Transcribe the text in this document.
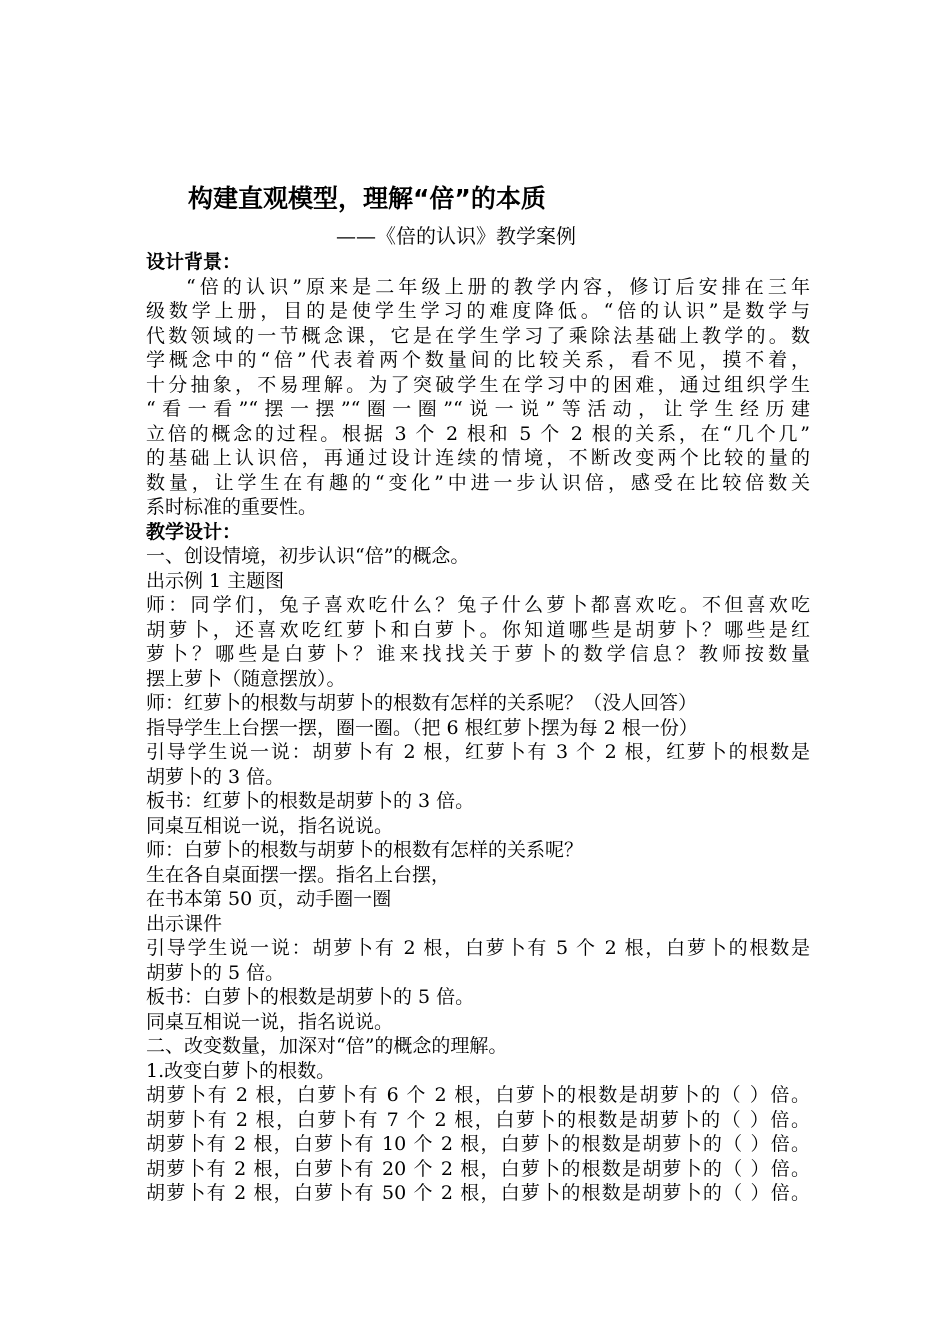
构建直观模型，理解“倍”的本质
——《倍的认识》教学案例
设计背景：
“倍的认识”原来是二年级上册的教学内容，修订后安排在三年
级数学上册，目的是使学生学习的难度降低。“倍的认识”是数学与
代数领域的一节概念课，它是在学生学习了乘除法基础上教学的。数
学概念中的“倍”代表着两个数量间的比较关系，看不见，摸不着，
十分抽象，不易理解。为了突破学生在学习中的困难，通过组织学生
“看一看”“摆一摆”“圈一圈”“说一说”等活动，让学生经历建
立倍的概念的过程。根据 3 个 2 根和 5 个 2 根的关系，在“几个几”
的基础上认识倍，再通过设计连续的情境，不断改变两个比较的量的
数量，让学生在有趣的“变化”中进一步认识倍，感受在比较倍数关
系时标准的重要性。
教学设计：
一、创设情境，初步认识“倍”的概念。
出示例 1 主题图
师：同学们，兔子喜欢吃什么？兔子什么萝卜都喜欢吃。不但喜欢吃
胡萝卜，还喜欢吃红萝卜和白萝卜。你知道哪些是胡萝卜？哪些是红
萝卜？哪些是白萝卜？谁来找找关于萝卜的数学信息？教师按数量
摆上萝卜（随意摆放）。
师：红萝卜的根数与胡萝卜的根数有怎样的关系呢？（没人回答）
指导学生上台摆一摆，圈一圈。（把 6 根红萝卜摆为每 2 根一份）
引导学生说一说：胡萝卜有 2 根，红萝卜有 3 个 2 根，红萝卜的根数是
胡萝卜的 3 倍。
板书：红萝卜的根数是胡萝卜的 3 倍。
同桌互相说一说，指名说说。
师：白萝卜的根数与胡萝卜的根数有怎样的关系呢？
生在各自桌面摆一摆。指名上台摆，
在书本第 50 页，动手圈一圈
出示课件
引导学生说一说：胡萝卜有 2 根，白萝卜有 5 个 2 根，白萝卜的根数是
胡萝卜的 5 倍。
板书：白萝卜的根数是胡萝卜的 5 倍。
同桌互相说一说，指名说说。
二、改变数量，加深对“倍”的概念的理解。
1.改变白萝卜的根数。
胡萝卜有 2 根，白萝卜有 6 个 2 根，白萝卜的根数是胡萝卜的（ ）倍。
胡萝卜有 2 根，白萝卜有 7 个 2 根，白萝卜的根数是胡萝卜的（ ）倍。
胡萝卜有 2 根，白萝卜有 10 个 2 根，白萝卜的根数是胡萝卜的（ ）倍。
胡萝卜有 2 根，白萝卜有 20 个 2 根，白萝卜的根数是胡萝卜的（ ）倍。
胡萝卜有 2 根，白萝卜有 50 个 2 根，白萝卜的根数是胡萝卜的（ ）倍。
